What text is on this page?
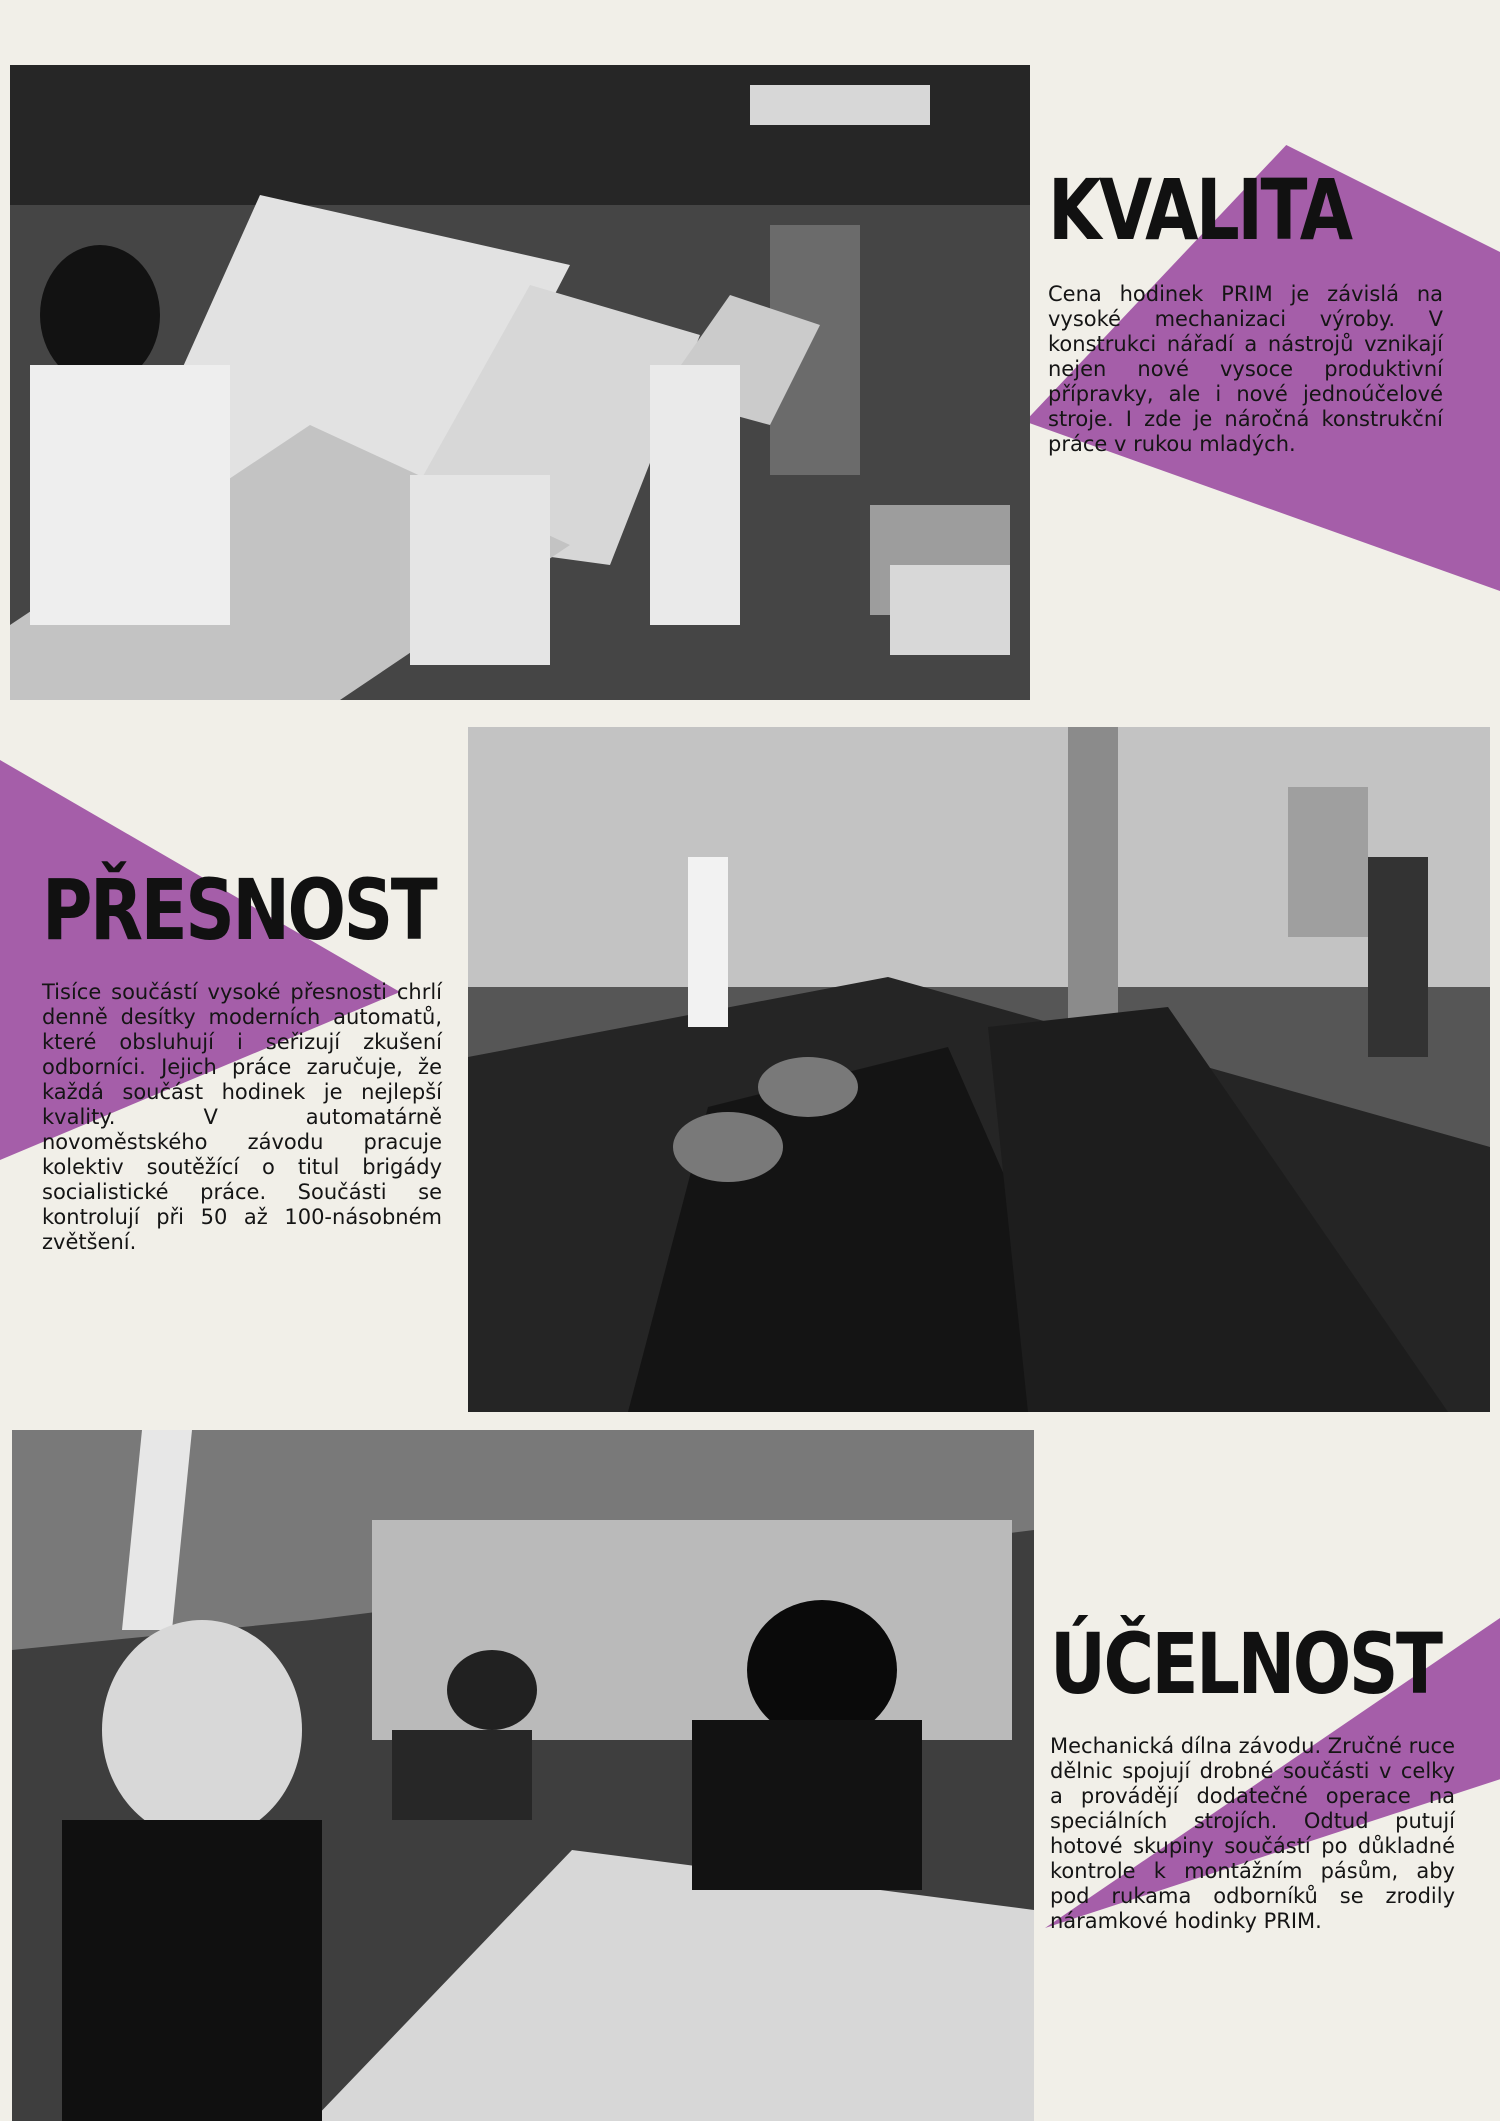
KVALITA

Cena hodinek PRIM je závislá na vysoké mechanizaci výroby. V konstrukci nářadí a nástrojů vznikají nejen nové vysoce produktivní přípravky, ale i nové jednoúčelové stroje. I zde je náročná konstrukční práce v rukou mladých.

PŘESNOST

Tisíce součástí vysoké přesnosti chrlí denně desítky moderních automatů, které obsluhují i seřizují zkušení odborníci. Jejich práce zaručuje, že každá součást hodinek je nejlepší kvality. V automatárně novoměstského závodu pracuje kolektiv soutěžící o titul brigády socialistické práce. Součásti se kontrolují při 50 až 100-násobném zvětšení.

ÚČELNOST

Mechanická dílna závodu. Zručné ruce dělnic spojují drobné součásti v celky a provádějí dodatečné operace na speciálních strojích. Odtud putují hotové skupiny součástí po důkladné kontrole k montážním pásům, aby pod rukama odborníků se zrodily náramkové hodinky PRIM.
